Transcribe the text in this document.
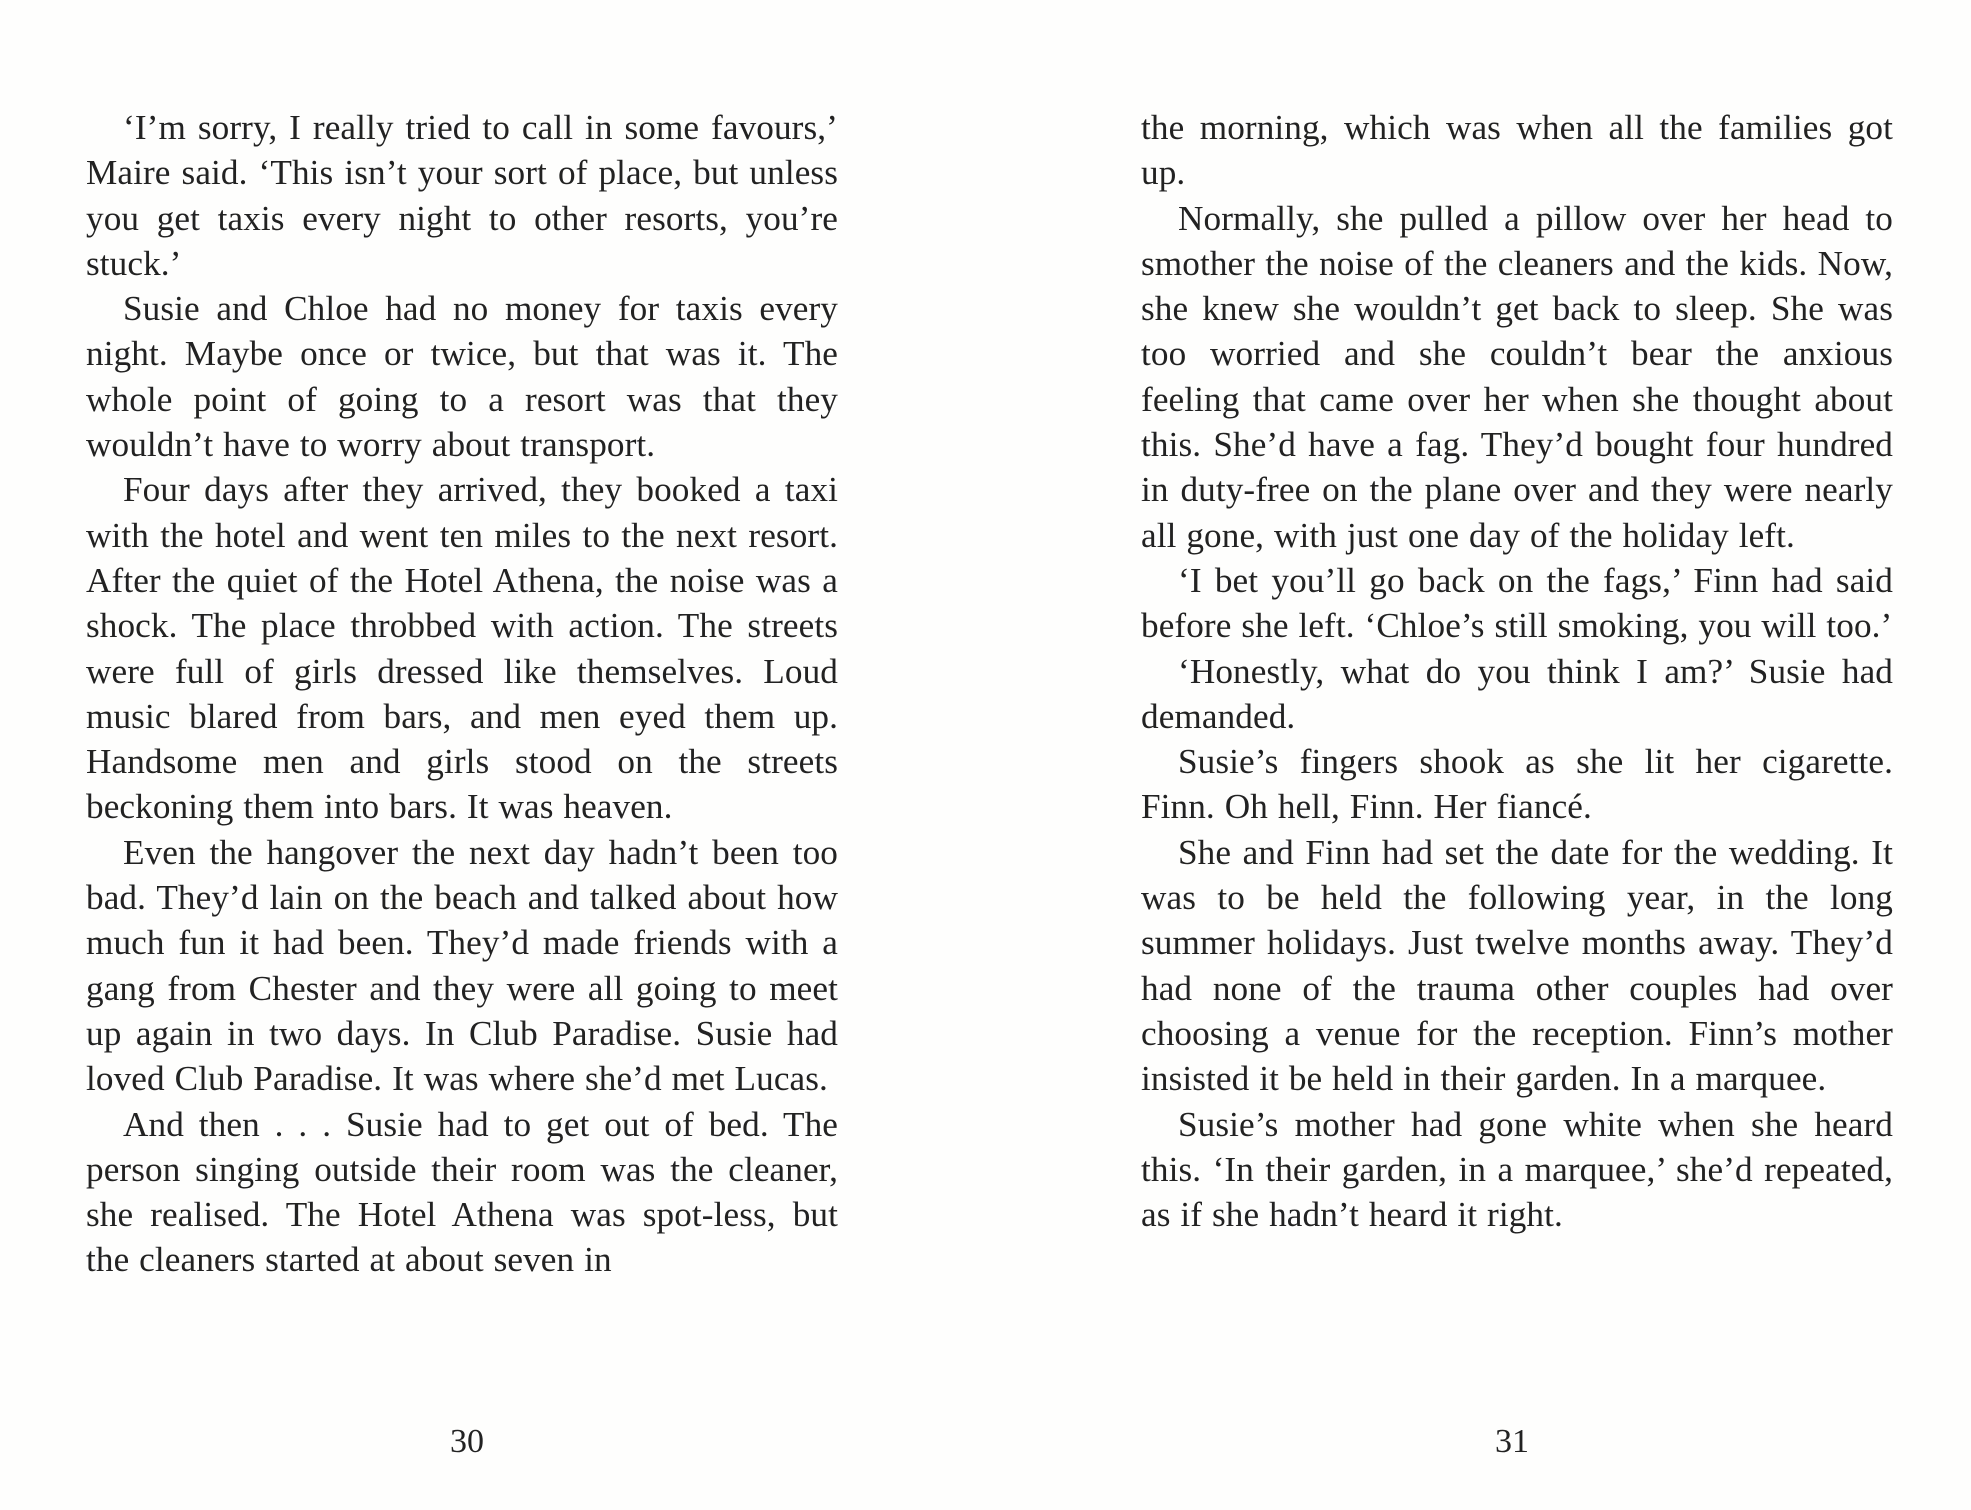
‘I’m sorry, I really tried to call in some favours,’ Maire said. ‘This isn’t your sort of place, but unless you get taxis every night to other resorts, you’re stuck.’

Susie and Chloe had no money for taxis every night. Maybe once or twice, but that was it. The whole point of going to a resort was that they wouldn’t have to worry about transport.

Four days after they arrived, they booked a taxi with the hotel and went ten miles to the next resort. After the quiet of the Hotel Athena, the noise was a shock. The place throbbed with action. The streets were full of girls dressed like themselves. Loud music blared from bars, and men eyed them up. Handsome men and girls stood on the streets beckoning them into bars. It was heaven.

Even the hangover the next day hadn’t been too bad. They’d lain on the beach and talked about how much fun it had been. They’d made friends with a gang from Chester and they were all going to meet up again in two days. In Club Paradise. Susie had loved Club Paradise. It was where she’d met Lucas.

And then . . . Susie had to get out of bed. The person singing outside their room was the cleaner, she realised. The Hotel Athena was spot-less, but the cleaners started at about seven in

the morning, which was when all the families got up.

Normally, she pulled a pillow over her head to smother the noise of the cleaners and the kids. Now, she knew she wouldn’t get back to sleep. She was too worried and she couldn’t bear the anxious feeling that came over her when she thought about this. She’d have a fag. They’d bought four hundred in duty-free on the plane over and they were nearly all gone, with just one day of the holiday left.

‘I bet you’ll go back on the fags,’ Finn had said before she left. ‘Chloe’s still smoking, you will too.’

‘Honestly, what do you think I am?’ Susie had demanded.

Susie’s fingers shook as she lit her cigarette. Finn. Oh hell, Finn. Her fiancé.

She and Finn had set the date for the wedding. It was to be held the following year, in the long summer holidays. Just twelve months away. They’d had none of the trauma other couples had over choosing a venue for the reception. Finn’s mother insisted it be held in their garden. In a marquee.

Susie’s mother had gone white when she heard this. ‘In their garden, in a marquee,’ she’d repeated, as if she hadn’t heard it right.

30	31
